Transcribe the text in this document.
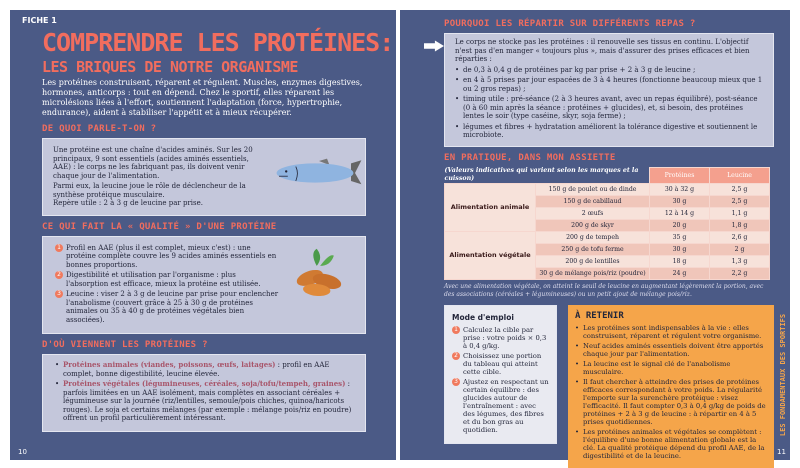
FICHE 1
COMPRENDRE LES PROTÉINES:
LES BRIQUES DE NOTRE ORGANISME
Les protéines construisent, réparent et régulent. Muscles, enzymes digestives, hormones, anticorps : tout en dépend. Chez le sportif, elles réparent les microlésions liées à l'effort, soutiennent l'adaptation (force, hypertrophie, endurance), aident à stabiliser l'appétit et à mieux récupérer.
DE QUOI PARLE-T-ON ?
Une protéine est une chaîne d'acides aminés. Sur les 20 principaux, 9 sont essentiels (acides aminés essentiels, AAE) : le corps ne les fabriquant pas, ils doivent venir chaque jour de l'alimentation.
Parmi eux, la leucine joue le rôle de déclencheur de la synthèse protéique musculaire.
Repère utile : 2 à 3 g de leucine par prise.
CE QUI FAIT LA « QUALITÉ » D'UNE PROTÉINE
1 Profil en AAE (plus il est complet, mieux c'est) : une protéine complète couvre les 9 acides aminés essentiels en bonnes proportions.
2 Digestibilité et utilisation par l'organisme : plus l'absorption est efficace, mieux la protéine est utilisée.
3 Leucine : viser 2 à 3 g de leucine par prise pour enclencher l'anabolisme (couvert grâce à 25 à 30 g de protéines animales ou 35 à 40 g de protéines végétales bien associées).
D'OÙ VIENNENT LES PROTÉINES ?
• Protéines animales (viandes, poissons, œufs, laitages) : profil en AAE complet, bonne digestibilité, leucine élevée.
• Protéines végétales (légumineuses, céréales, soja/tofu/tempeh, graines) : parfois limitées en un AAE isolément, mais complètes en associant céréales + légumineuse sur la journée (riz/lentilles, semoule/pois chiches, quinoa/haricots rouges). Le soja et certains mélanges (par exemple : mélange pois/riz en poudre) offrent un profil particulièrement intéressant.
10
POURQUOI LES RÉPARTIR SUR DIFFÉRENTS REPAS ?
Le corps ne stocke pas les protéines : il renouvelle ses tissus en continu. L'objectif n'est pas d'en manger « toujours plus », mais d'assurer des prises efficaces et bien réparties :
• de 0,3 à 0,4 g de protéines par kg par prise + 2 à 3 g de leucine ;
• en 4 à 5 prises par jour espacées de 3 à 4 heures (fonctionne beaucoup mieux que 1 ou 2 gros repas) ;
• timing utile : pré-séance (2 à 3 heures avant, avec un repas équilibré), post-séance (0 à 60 min après la séance : protéines + glucides), et, si besoin, des protéines lentes le soir (type caséine, skyr, soja ferme) ;
• légumes et fibres + hydratation améliorent la tolérance digestive et soutiennent le microbiote.
EN PRATIQUE, DANS MON ASSIETTE
(Valeurs indicatives qui varient selon les marques et la cuisson)		Protéines	Leucine
Alimentation animale	150 g de poulet ou de dinde	30 à 32 g	2,5 g
	150 g de cabillaud	30 g	2,5 g
	2 œufs	12 à 14 g	1,1 g
	200 g de skyr	20 g	1,8 g
Alimentation végétale	200 g de tempeh	35 g	2,6 g
	250 g de tofu ferme	30 g	2 g
	200 g de lentilles	18 g	1,3 g
	30 g de mélange pois/riz (poudre)	24 g	2,2 g
Avec une alimentation végétale, on atteint le seuil de leucine en augmentant légèrement la portion, avec des associations (céréales + légumineuses) ou un petit ajout de mélange pois/riz.
Mode d'emploi
1 Calculez la cible par prise : votre poids × 0,3 à 0,4 g/kg.
2 Choisissez une portion du tableau qui atteint cette cible.
3 Ajustez en respectant un certain équilibre : des glucides autour de l'entraînement : avec des légumes, des fibres et du bon gras au quotidien.
À RETENIR
• Les protéines sont indispensables à la vie : elles construisent, réparent et régulent votre organisme.
• Neuf acides aminés essentiels doivent être apportés chaque jour par l'alimentation.
• La leucine est le signal clé de l'anabolisme musculaire.
• Il faut chercher à atteindre des prises de protéines efficaces correspondant à votre poids. La régularité l'emporte sur la surenchère protéique : visez l'efficacité. Il faut compter 0,3 à 0,4 g/kg de poids de protéines + 2 à 3 g de leucine : à répartir en 4 à 5 prises quotidiennes.
• Les protéines animales et végétales se complètent : l'équilibre d'une bonne alimentation globale est la clé. La qualité protéique dépend du profil AAE, de la digestibilité et de la leucine.
LES FONDAMENTAUX DES SPORTIFS
11
